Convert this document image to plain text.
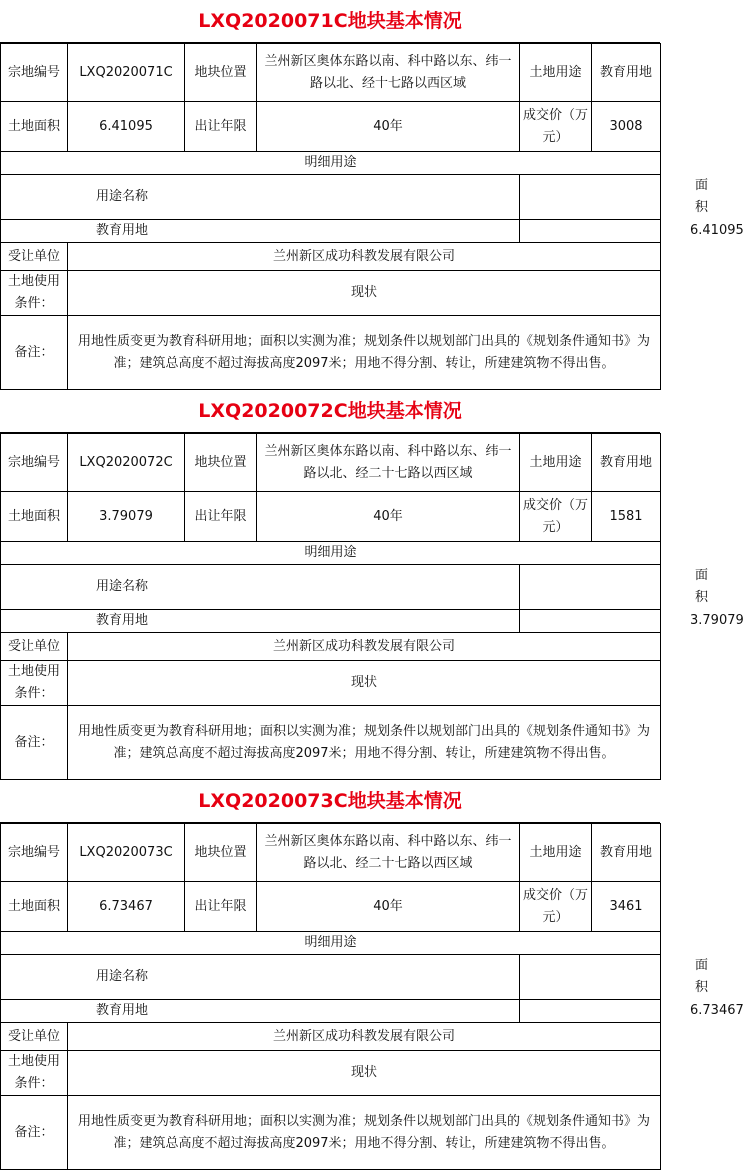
LXQ2020071C地块基本情况
宗地编号	LXQ2020071C	地块位置	兰州新区奥体东路以南、科中路以东、纬一路以北、经十七路以西区域	土地用途	教育用地
土地面积	6.41095	出让年限	40年	成交价（万元）	3008
明细用途					
用途名称				面积	
教育用地				6.41095	
受让单位	兰州新区成功科教发展有限公司				
土地使用条件：	现状				
备注：	用地性质变更为教育科研用地；面积以实测为准；规划条件以规划部门出具的《规划条件通知书》为准；建筑总高度不超过海拔高度2097米；用地不得分割、转让，所建建筑物不得出售。				
LXQ2020072C地块基本情况
宗地编号	LXQ2020072C	地块位置	兰州新区奥体东路以南、科中路以东、纬一路以北、经二十七路以西区域	土地用途	教育用地
土地面积	3.79079	出让年限	40年	成交价（万元）	1581
明细用途					
用途名称				面积	
教育用地				3.79079	
受让单位	兰州新区成功科教发展有限公司				
土地使用条件：	现状				
备注：	用地性质变更为教育科研用地；面积以实测为准；规划条件以规划部门出具的《规划条件通知书》为准；建筑总高度不超过海拔高度2097米；用地不得分割、转让，所建建筑物不得出售。				
LXQ2020073C地块基本情况
宗地编号	LXQ2020073C	地块位置	兰州新区奥体东路以南、科中路以东、纬一路以北、经二十七路以西区域	土地用途	教育用地
土地面积	6.73467	出让年限	40年	成交价（万元）	3461
明细用途					
用途名称				面积	
教育用地				6.73467	
受让单位	兰州新区成功科教发展有限公司				
土地使用条件：	现状				
备注：	用地性质变更为教育科研用地；面积以实测为准；规划条件以规划部门出具的《规划条件通知书》为准；建筑总高度不超过海拔高度2097米；用地不得分割、转让，所建建筑物不得出售。				
